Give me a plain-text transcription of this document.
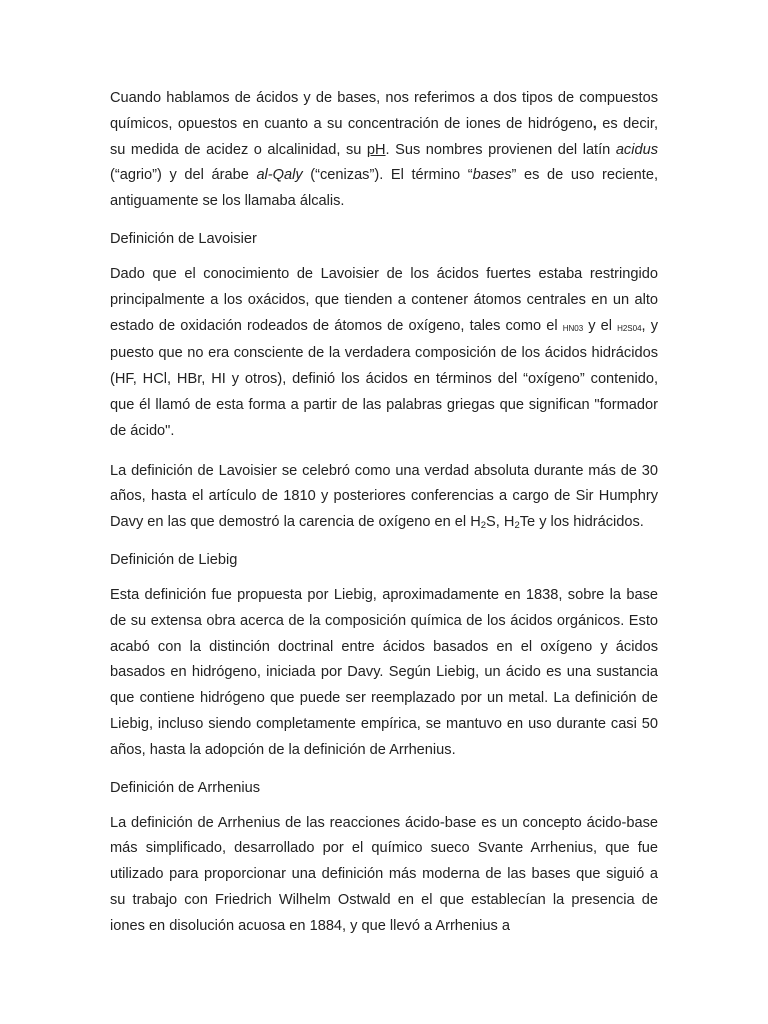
Cuando hablamos de ácidos y de bases, nos referimos a dos tipos de compuestos químicos, opuestos en cuanto a su concentración de iones de hidrógeno, es decir, su medida de acidez o alcalinidad, su pH. Sus nombres provienen del latín acidus (“agrio”) y del árabe al-Qaly (“cenizas”). El término “bases” es de uso reciente, antiguamente se los llamaba álcalis.

Definición de Lavoisier

Dado que el conocimiento de Lavoisier de los ácidos fuertes estaba restringido principalmente a los oxácidos, que tienden a contener átomos centrales en un alto estado de oxidación rodeados de átomos de oxígeno, tales como el HN03 y el H2S04, y puesto que no era consciente de la verdadera composición de los ácidos hidrácidos (HF, HCl, HBr, HI y otros), definió los ácidos en términos del “oxígeno” contenido, que él llamó de esta forma a partir de las palabras griegas que significan "formador de ácido".

La definición de Lavoisier se celebró como una verdad absoluta durante más de 30 años, hasta el artículo de 1810 y posteriores conferencias a cargo de Sir Humphry Davy en las que demostró la carencia de oxígeno en el $H_2S$, $H_2Te$ y los hidrácidos.

Definición de Liebig

Esta definición fue propuesta por Liebig, aproximadamente en 1838, sobre la base de su extensa obra acerca de la composición química de los ácidos orgánicos. Esto acabó con la distinción doctrinal entre ácidos basados en el oxígeno y ácidos basados en hidrógeno, iniciada por Davy. Según Liebig, un ácido es una sustancia que contiene hidrógeno que puede ser reemplazado por un metal. La definición de Liebig, incluso siendo completamente empírica, se mantuvo en uso durante casi 50 años, hasta la adopción de la definición de Arrhenius.

Definición de Arrhenius

La definición de Arrhenius de las reacciones ácido-base es un concepto ácido-base más simplificado, desarrollado por el químico sueco Svante Arrhenius, que fue utilizado para proporcionar una definición más moderna de las bases que siguió a su trabajo con Friedrich Wilhelm Ostwald en el que establecían la presencia de iones en disolución acuosa en 1884, y que llevó a Arrhenius a
